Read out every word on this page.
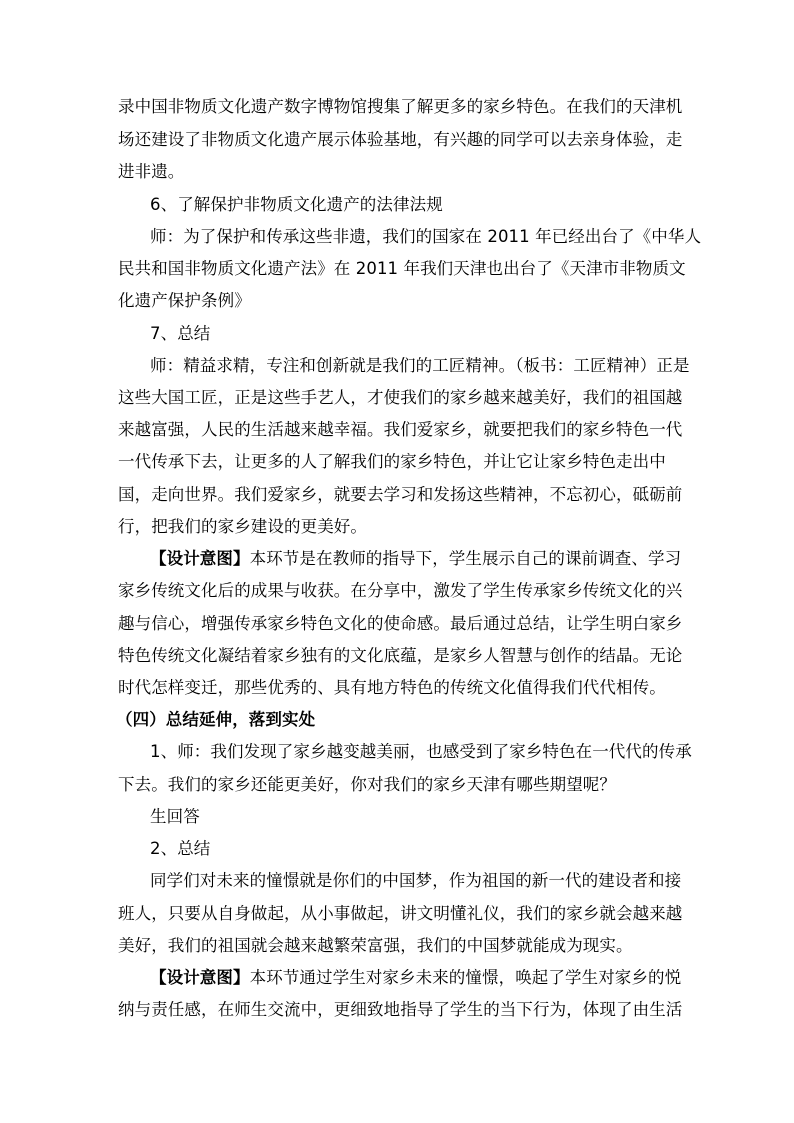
录中国非物质文化遗产数字博物馆搜集了解更多的家乡特色。在我们的天津机
场还建设了非物质文化遗产展示体验基地，有兴趣的同学可以去亲身体验，走
进非遗。
6、了解保护非物质文化遗产的法律法规
师：为了保护和传承这些非遗，我们的国家在 2011 年已经出台了《中华人
民共和国非物质文化遗产法》在 2011 年我们天津也出台了《天津市非物质文
化遗产保护条例》
7、总结
师：精益求精，专注和创新就是我们的工匠精神。（板书：工匠精神）正是
这些大国工匠，正是这些手艺人，才使我们的家乡越来越美好，我们的祖国越
来越富强，人民的生活越来越幸福。我们爱家乡，就要把我们的家乡特色一代
一代传承下去，让更多的人了解我们的家乡特色，并让它让家乡特色走出中
国，走向世界。我们爱家乡，就要去学习和发扬这些精神，不忘初心，砥砺前
行，把我们的家乡建设的更美好。
【设计意图】本环节是在教师的指导下，学生展示自己的课前调查、学习
家乡传统文化后的成果与收获。在分享中，激发了学生传承家乡传统文化的兴
趣与信心，增强传承家乡特色文化的使命感。最后通过总结，让学生明白家乡
特色传统文化凝结着家乡独有的文化底蕴，是家乡人智慧与创作的结晶。无论
时代怎样变迁，那些优秀的、具有地方特色的传统文化值得我们代代相传。
（四）总结延伸，落到实处
1、师：我们发现了家乡越变越美丽，也感受到了家乡特色在一代代的传承
下去。我们的家乡还能更美好，你对我们的家乡天津有哪些期望呢？
生回答
2、总结
同学们对未来的憧憬就是你们的中国梦，作为祖国的新一代的建设者和接
班人，只要从自身做起，从小事做起，讲文明懂礼仪，我们的家乡就会越来越
美好，我们的祖国就会越来越繁荣富强，我们的中国梦就能成为现实。
【设计意图】本环节通过学生对家乡未来的憧憬，唤起了学生对家乡的悦
纳与责任感，在师生交流中，更细致地指导了学生的当下行为，体现了由生活
